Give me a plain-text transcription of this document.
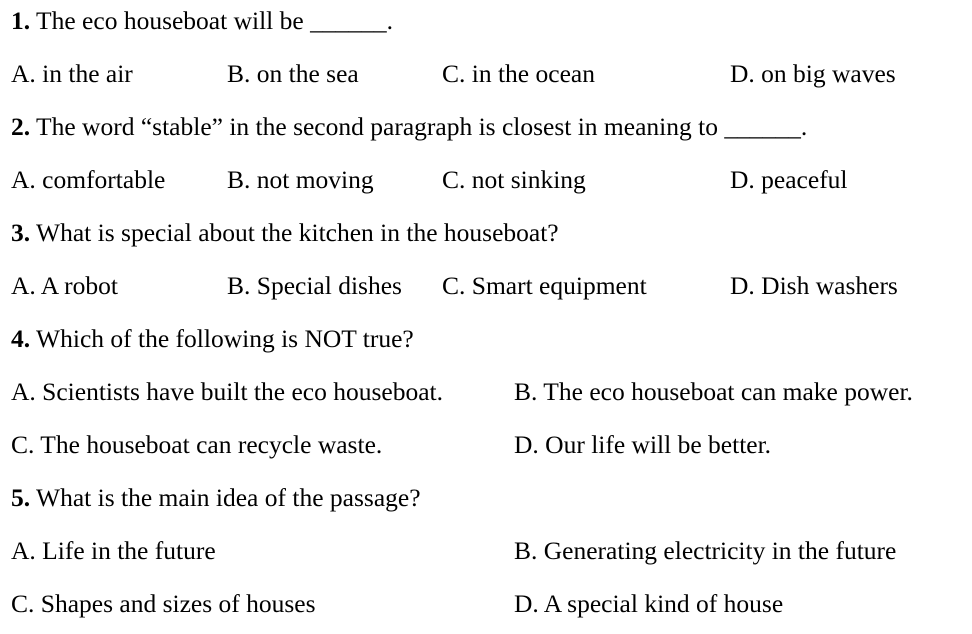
1. The eco houseboat will be ______.
A. in the air	B. on the sea	C. in the ocean	D. on big waves
2. The word “stable” in the second paragraph is closest in meaning to ______.
A. comfortable B. not moving	C. not sinking	D. peaceful
3. What is special about the kitchen in the houseboat?
A. A robot	B. Special dishes C. Smart equipment	D. Dish washers
4. Which of the following is NOT true?
A. Scientists have built the eco houseboat.	B. The eco houseboat can make power.
C. The houseboat can recycle waste.	D. Our life will be better.
5. What is the main idea of the passage?
A. Life in the future	B. Generating electricity in the future
C. Shapes and sizes of houses	D. A special kind of house
